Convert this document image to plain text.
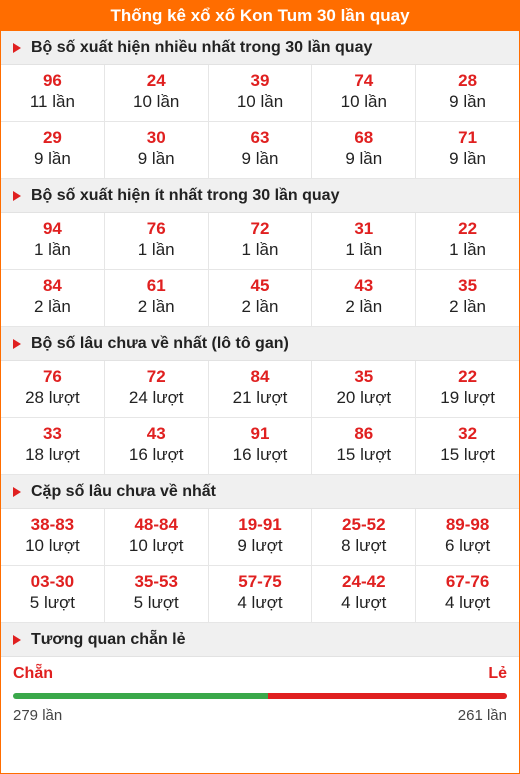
Thống kê xổ xố Kon Tum 30 lần quay
Bộ số xuất hiện nhiều nhất trong 30 lần quay
96
11 lần
24
10 lần
39
10 lần
74
10 lần
28
9 lần
29
9 lần
30
9 lần
63
9 lần
68
9 lần
71
9 lần
Bộ số xuất hiện ít nhất trong 30 lần quay
94
1 lần
76
1 lần
72
1 lần
31
1 lần
22
1 lần
84
2 lần
61
2 lần
45
2 lần
43
2 lần
35
2 lần
Bộ số lâu chưa về nhất (lô tô gan)
76
28 lượt
72
24 lượt
84
21 lượt
35
20 lượt
22
19 lượt
33
18 lượt
43
16 lượt
91
16 lượt
86
15 lượt
32
15 lượt
Cặp số lâu chưa về nhất
38-83
10 lượt
48-84
10 lượt
19-91
9 lượt
25-52
8 lượt
89-98
6 lượt
03-30
5 lượt
35-53
5 lượt
57-75
4 lượt
24-42
4 lượt
67-76
4 lượt
Tương quan chẵn lẻ
Chẵn	Lẻ
279 lần	261 lần
